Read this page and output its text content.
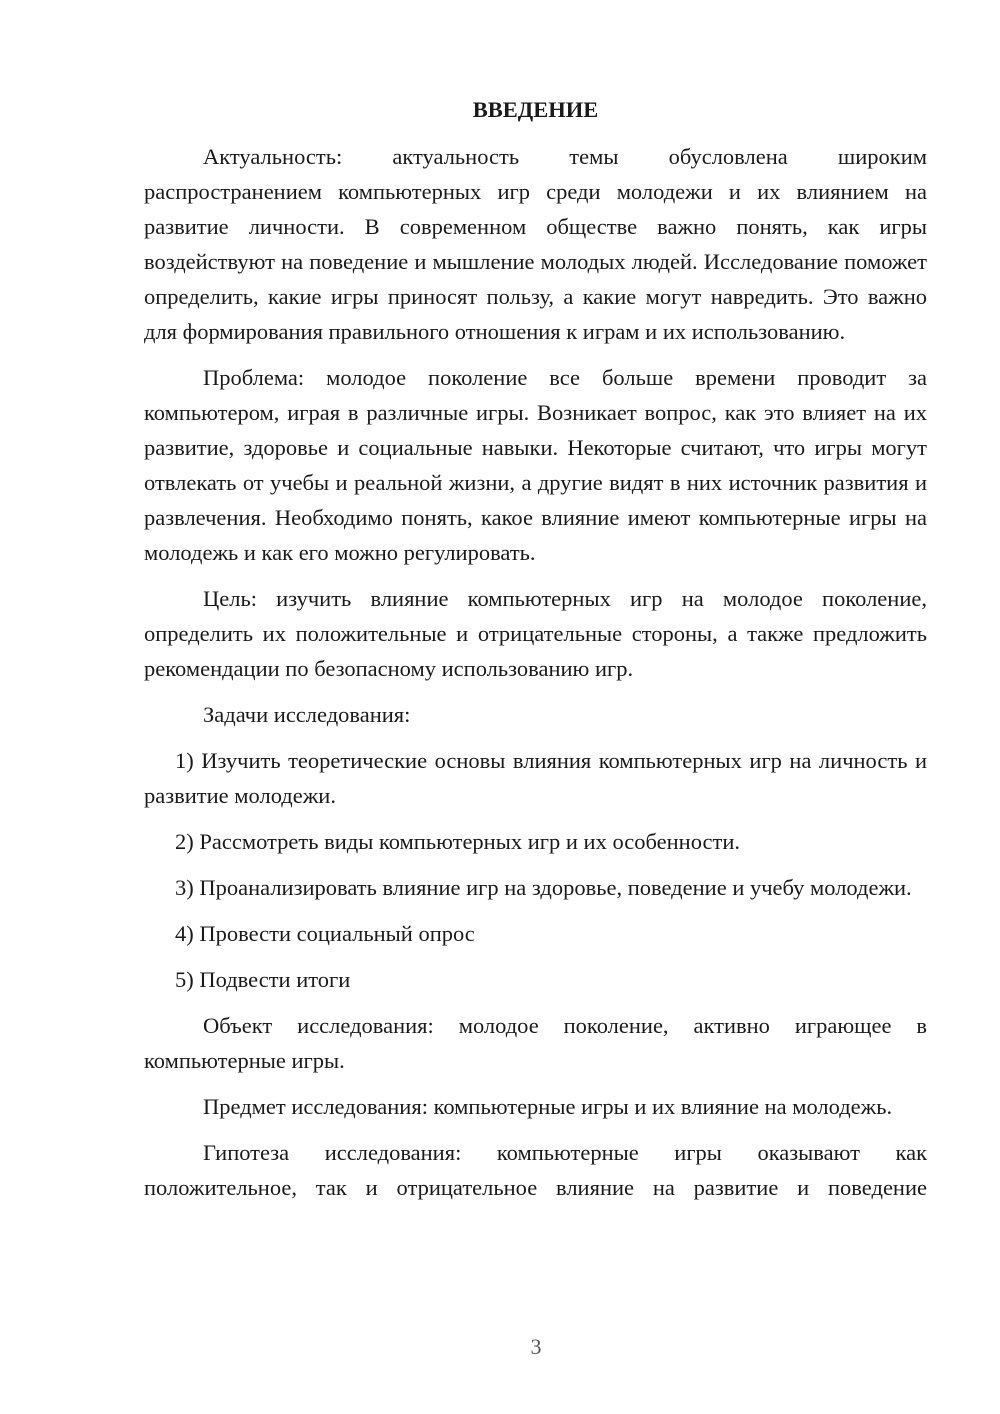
ВВЕДЕНИЕ

Актуальность: актуальность темы обусловлена широким распространением компьютерных игр среди молодежи и их влиянием на развитие личности. В современном обществе важно понять, как игры воздействуют на поведение и мышление молодых людей. Исследование поможет определить, какие игры приносят пользу, а какие могут навредить. Это важно для формирования правильного отношения к играм и их использованию.

Проблема: молодое поколение все больше времени проводит за компьютером, играя в различные игры. Возникает вопрос, как это влияет на их развитие, здоровье и социальные навыки. Некоторые считают, что игры могут отвлекать от учебы и реальной жизни, а другие видят в них источник развития и развлечения. Необходимо понять, какое влияние имеют компьютерные игры на молодежь и как его можно регулировать.

Цель: изучить влияние компьютерных игр на молодое поколение, определить их положительные и отрицательные стороны, а также предложить рекомендации по безопасному использованию игр.

Задачи исследования:

1) Изучить теоретические основы влияния компьютерных игр на личность и развитие молодежи.

2) Рассмотреть виды компьютерных игр и их особенности.

3) Проанализировать влияние игр на здоровье, поведение и учебу молодежи.

4) Провести социальный опрос

5) Подвести итоги

Объект исследования: молодое поколение, активно играющее в компьютерные игры.

Предмет исследования: компьютерные игры и их влияние на молодежь.

Гипотеза исследования: компьютерные игры оказывают как положительное, так и отрицательное влияние на развитие и поведение

3
